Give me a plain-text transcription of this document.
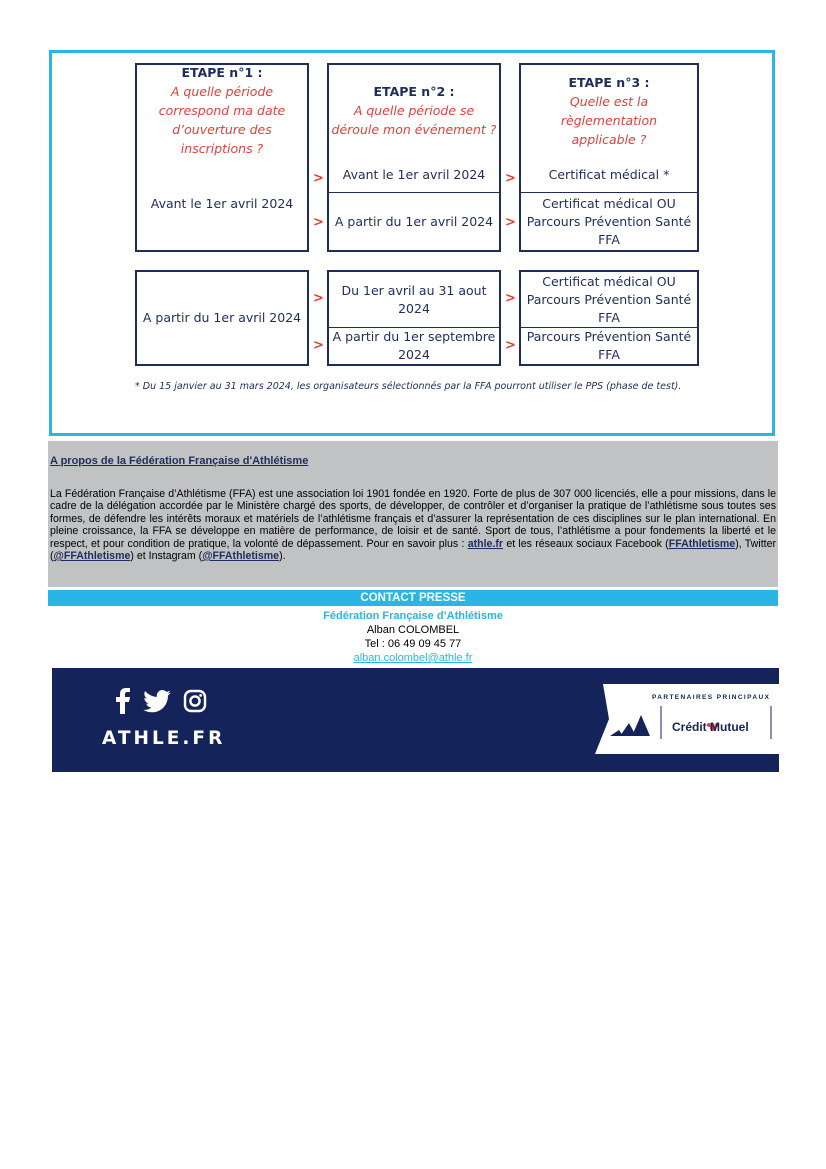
ETAPE n°1 :
A quelle période
correspond ma date
d’ouverture des
inscriptions ?
ETAPE n°2 :
A quelle période se
déroule mon événement ?
ETAPE n°3 :
Quelle est la
règlementation
applicable ?
Avant le 1er avril 2024
Avant le 1er avril 2024
A partir du 1er avril 2024
Certificat médical *
Certificat médical OU
Parcours Prévention Santé
FFA
>
>
>
>
A partir du 1er avril 2024
Du 1er avril au 31 aout
2024
A partir du 1er septembre
2024
Certificat médical OU
Parcours Prévention Santé
FFA
Parcours Prévention Santé
FFA
>
>
>
>
* Du 15 janvier au 31 mars 2024, les organisateurs sélectionnés par la FFA pourront utiliser le PPS (phase de test).
A propos de la Fédération Française d'Athlétisme
La Fédération Française d’Athlétisme (FFA) est une association loi 1901 fondée en 1920. Forte de plus de 307 000 licenciés, elle a pour missions, dans le cadre de la délégation accordée par le Ministère chargé des sports, de développer, de contrôler et d’organiser la pratique de l’athlétisme sous toutes ses formes, de défendre les intérêts moraux et matériels de l’athlétisme français et d’assurer la représentation de ces disciplines sur le plan international. En pleine croissance, la FFA se développe en matière de performance, de loisir et de santé. Sport de tous, l’athlétisme a pour fondements la liberté et le respect, et pour condition de pratique, la volonté de dépassement. Pour en savoir plus : athle.fr et les réseaux sociaux Facebook (FFAthletisme), Twitter (@FFAthletisme) et Instagram (@FFAthletisme).
CONTACT PRESSE
Fédération Française d’Athlétisme
Alban COLOMBEL
Tel : 06 49 09 45 77
alban.colombel@athle.fr
ATHLE.FR
PARTENAIRES PRINCIPAUX
Crédit Mutuel
